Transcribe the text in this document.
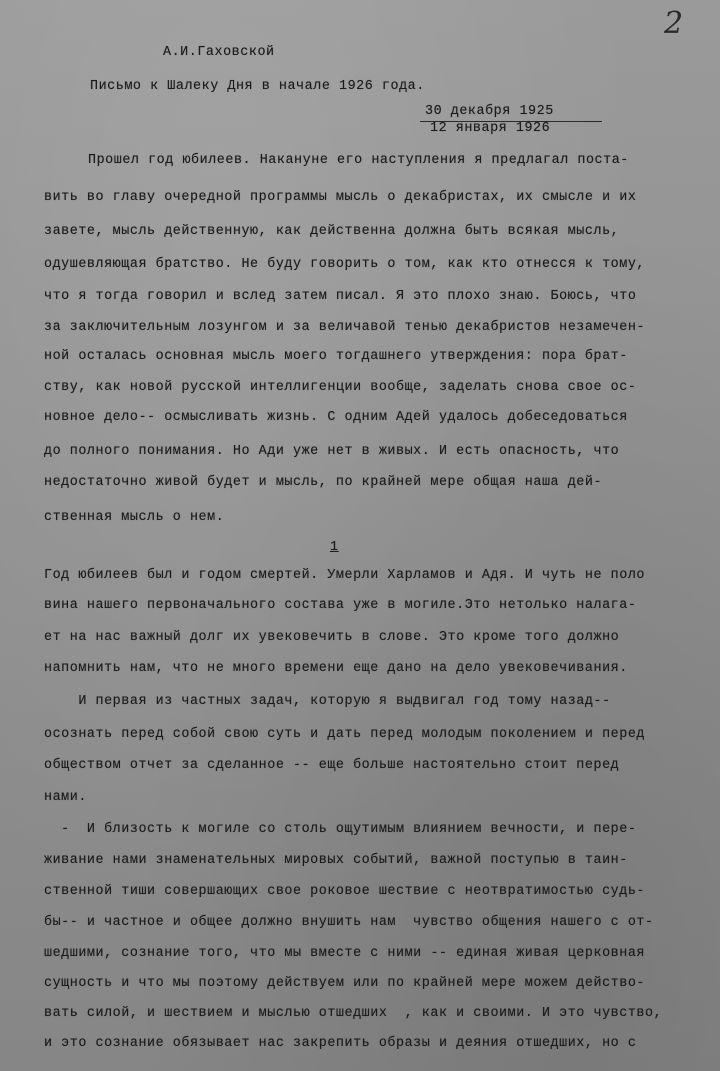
2
А.И.Гаховской
Письмо к Шалеку Дня в начале 1926 года.
30 декабря 1925
12 января 1926
Прошел год юбилеев. Накануне его наступления я предлагал поста-
вить во главу очередной программы мысль о декабристах, их смысле и их
завете, мысль действенную, как действенна должна быть всякая мысль,
одушевляющая братство. Не буду говорить о том, как кто отнесся к тому,
что я тогда говорил и вслед затем писал. Я это плохо знаю. Боюсь, что
за заключительным лозунгом и за величавой тенью декабристов незамечен-
ной осталась основная мысль моего тогдашнего утверждения: пора брат-
ству, как новой русской интеллигенции вообще, заделать снова свое ос-
новное дело-- осмысливать жизнь. С одним Адей удалось добеседоваться
до полного понимания. Но Ади уже нет в живых. И есть опасность, что
недостаточно живой будет и мысль, по крайней мере общая наша дей-
ственная мысль о нем.
1
Год юбилеев был и годом смертей. Умерли Харламов и Адя. И чуть не поло
вина нашего первоначального состава уже в могиле.Это нетолько налага-
ет на нас важный долг их увековечить в слове. Это кроме того должно
напомнить нам, что не много времени еще дано на дело увековечивания.
И первая из частных задач, которую я выдвигал год тому назад--
осознать перед собой свою суть и дать перед молодым поколением и перед
обществом отчет за сделанное -- еще больше настоятельно стоит перед
нами.
-  И близость к могиле со столь ощутимым влиянием вечности, и пере-
живание нами знаменательных мировых событий, важной поступью в таин-
ственной тиши совершающих свое роковое шествие с неотвратимостью судь-
бы-- и частное и общее должно внушить нам  чувство общения нашего с от-
шедшими, сознание того, что мы вместе с ними -- единая живая церковная
сущность и что мы поэтому действуем или по крайней мере можем действо-
вать силой, и шествием и мыслью отшедших  , как и своими. И это чувство,
и это сознание обязывает нас закрепить образы и деяния отшедших, но с
